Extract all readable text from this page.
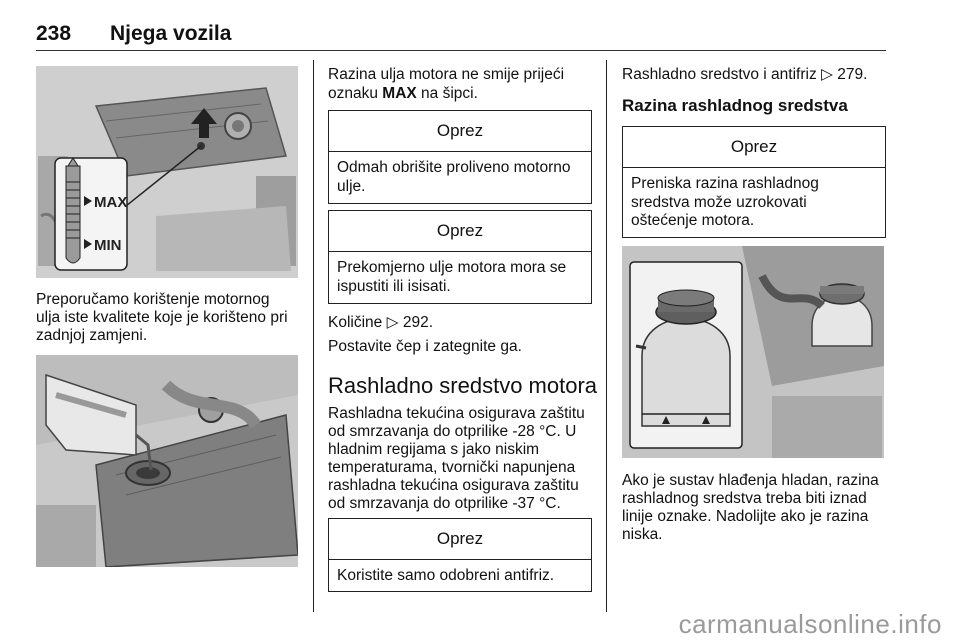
238 Njega vozila
MAX
MIN

Preporučamo korištenje motornog

ulja iste kvalitete koje je korišteno pri

zadnjoj zamjeni.

Razina ulja motora ne smije prijeći

oznaku MAX na šipci.

Oprez
Odmah obrišite proliveno motorno
ulje.
Oprez
Prekomjerno ulje motora mora se
ispustiti ili isisati.

Količine ▷ 292.

Postavite čep i zategnite ga.

Rashladno sredstvo motora

Rashladna tekućina osigurava zaštitu

od smrzavanja do otprilike -28 °C. U

hladnim regijama s jako niskim

temperaturama, tvornički napunjena

rashladna tekućina osigurava zaštitu

od smrzavanja do otprilike -37 °C.

Oprez
Koristite samo odobreni antifriz.

Rashladno sredstvo i antifriz ▷ 279.

Razina rashladnog sredstva
Oprez
Preniska razina rashladnog
sredstva može uzrokovati
oštećenje motora.

Ako je sustav hlađenja hladan, razina

rashladnog sredstva treba biti iznad

linije oznake. Nadolijte ako je razina

niska.

carmanualsonline.info
